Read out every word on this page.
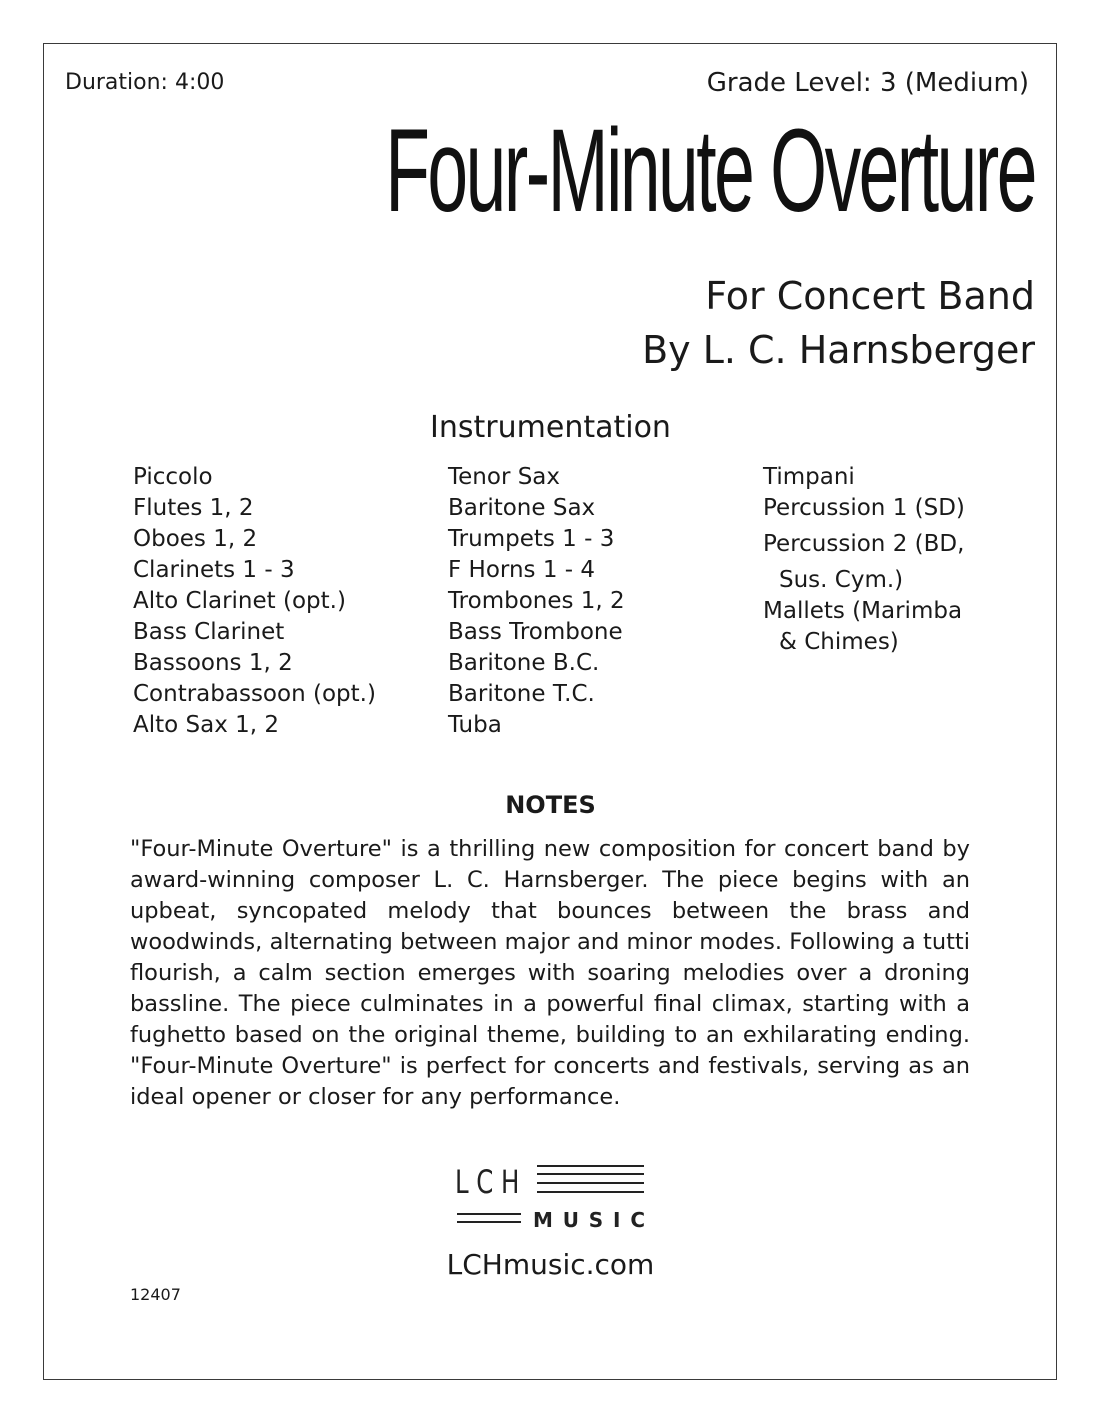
Duration: 4:00	Grade Level: 3 (Medium)
Four-Minute Overture
For Concert Band
By L. C. Harnsberger
Instrumentation
Piccolo
Flutes 1, 2
Oboes 1, 2
Clarinets 1 - 3
Alto Clarinet (opt.)
Bass Clarinet
Bassoons 1, 2
Contrabassoon (opt.)
Alto Sax 1, 2
Tenor Sax
Baritone Sax
Trumpets 1 - 3
F Horns 1 - 4
Trombones 1, 2
Bass Trombone
Baritone B.C.
Baritone T.C.
Tuba
Timpani
Percussion 1 (SD)
Percussion 2 (BD,
Sus. Cym.)
Mallets (Marimba
& Chimes)
NOTES
"Four-Minute Overture" is a thrilling new composition for concert band by award-winning composer L. C. Harnsberger. The piece begins with an upbeat, syncopated melody that bounces between the brass and woodwinds, alternating between major and minor modes. Following a tutti flourish, a calm section emerges with soaring melodies over a droning bassline. The piece culminates in a powerful final climax, starting with a fughetto based on the original theme, building to an exhilarating ending. "Four-Minute Overture" is perfect for concerts and festivals, serving as an ideal opener or closer for any performance.
LCH
MUSIC
LCHmusic.com
12407
